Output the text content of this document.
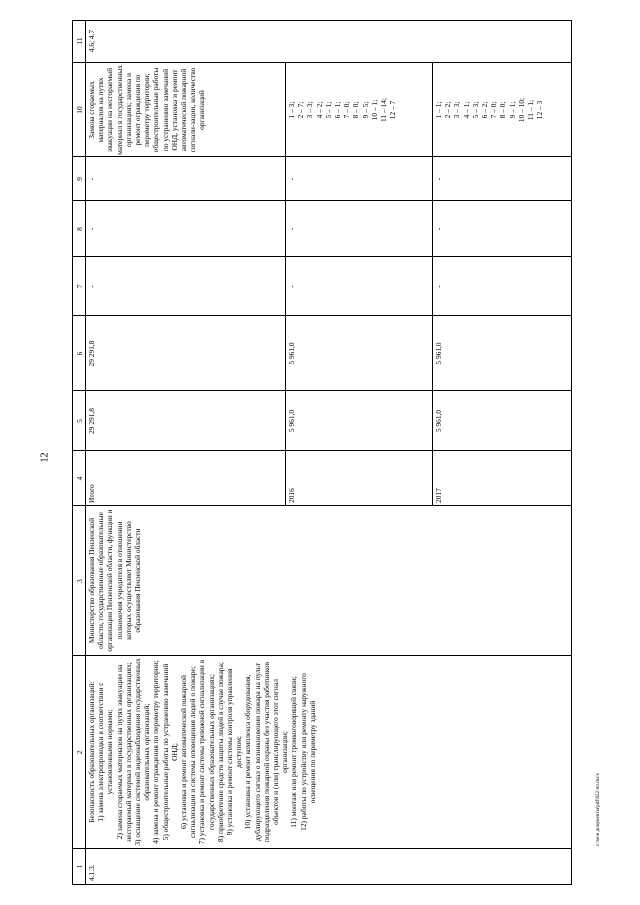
12
c:\мои документы\pdf\622-пп.docx
1
2
3
4
5
6
7
8
9
10
11
4.1.3.
Безопасность образовательных организаций:
1) замена электропроводки в соответствии с установленными нормами;
2) замена сгораемых материалов на путях эвакуации на несгораемый материал в государственных организациях;
3) оснащение системой видеонаблюдения государственных образовательных организаций;
4) замена и ремонт ограждения по периметру территории;
5) общестроительные работы по устранению замечаний ОНД;
6) установка и ремонт автоматической пожарной сигнализации и системы оповещения людей о пожаре;
7) установка и ремонт системы тревожной сигнализации в государственных образовательных организациях;
8) приобретение средств защиты людей в случае пожара;
9) установка и ремонт системы контроля управления доступом;
10) установка и ремонт комплекса оборудования, дублирующего сигнал о возникновении пожара на пульт подразделения пожарной охраны без участия работников объектов и (или) транслирующего этот сигнал организации;
11) монтаж или ремонт громкоговорящей связи;
12) работы по устройству или ремонту наружного освещения по периметру зданий
Министерство образования Пензенской области, государственные образовательные организации Пензенской области, функции и полномочия учредителя в отношении которых осуществляет Министерство образования Пензенской области
4.6; 4.7
Итого
29 291,8
29 291,8
-
-
-
Замена сгораемых материалов на путях эвакуации на несгораемый материал в государственных организациях; замена и ремонт ограждения по периметру территории; общестроительные работы по устранению замечаний ОНД, установка и ремонт автоматической пожарной сигнали-зации, количество организаций
2016
5 961,0
5 961,0
-
-
-
1 – 3;
2 – 7;
3 – 3;
4 – 2;
5 – 1;
6 – 1;
7 – 0;
8 – 0;
9 – 5;
10 – 1;
11 – 14;
12 – 7
2017
5 961,0
5 961,0
-
-
-
1 – 1;
2 – 2;
3 – 3;
4 – 1;
5 – 3;
6 – 2;
7 – 0;
8 – 0;
9 – 1;
10 – 10;
11 – 1;
12 – 3
